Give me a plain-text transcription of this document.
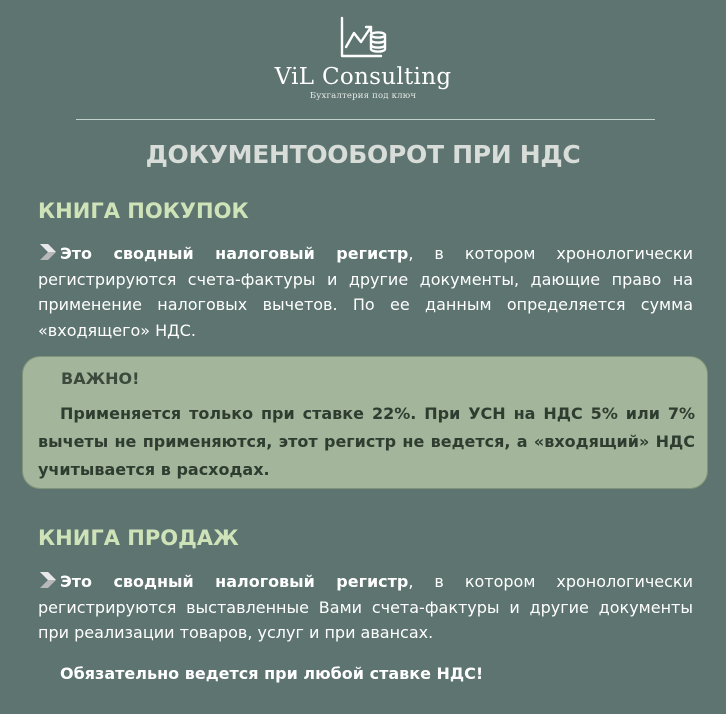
ViL Consulting
Бухгалтерия под ключ
ДОКУМЕНТООБОРОТ ПРИ НДС
КНИГА ПОКУПОК
Это сводный налоговый регистр, в котором хронологически регистрируются счета-фактуры и другие документы, дающие право на применение налоговых вычетов. По ее данным определяется сумма «входящего» НДС.
ВАЖНО!
Применяется только при ставке 22%. При УСН на НДС 5% или 7% вычеты не применяются, этот регистр не ведется, а «входящий» НДС учитывается в расходах.
КНИГА ПРОДАЖ
Это сводный налоговый регистр, в котором хронологически регистрируются выставленные Вами счета-фактуры и другие документы при реализации товаров, услуг и при авансах.
Обязательно ведется при любой ставке НДС!
